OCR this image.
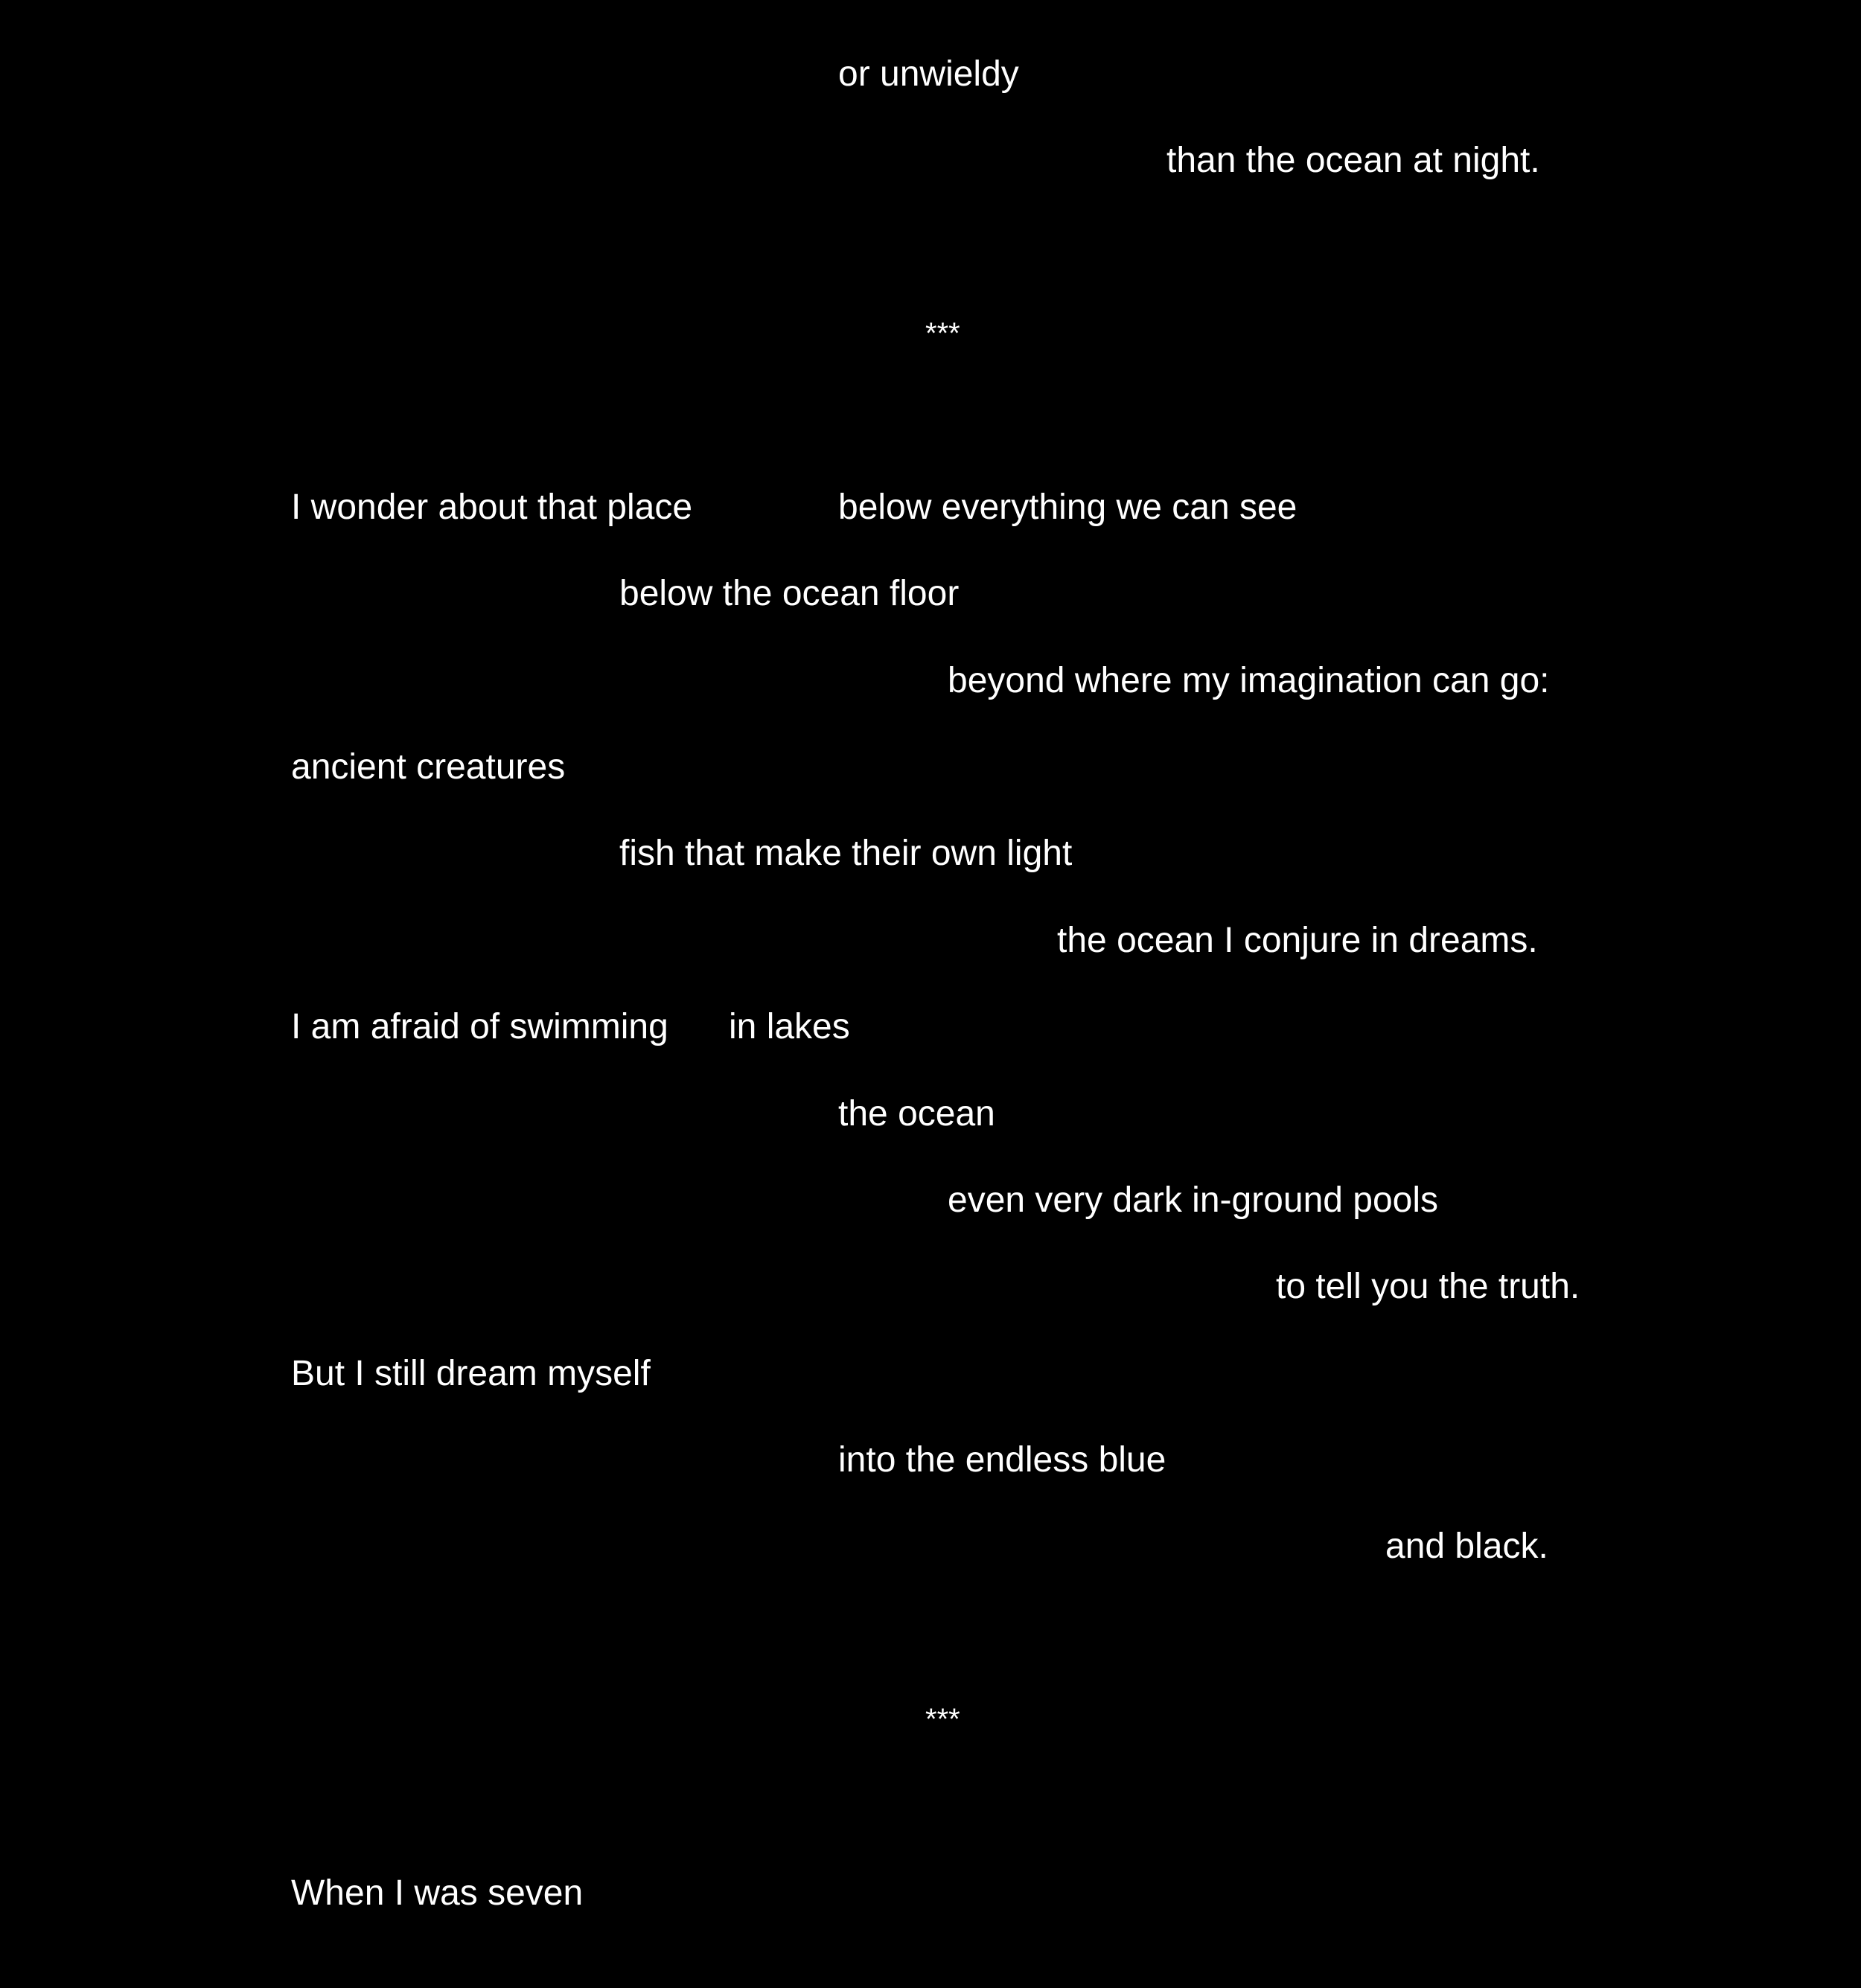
or unwieldy
than the ocean at night.
***
I wonder about that place	below everything we can see
below the ocean floor
beyond where my imagination can go:
ancient creatures
fish that make their own light
the ocean I conjure in dreams.
I am afraid of swimming in lakes
the ocean
even very dark in-ground pools
to tell you the truth.
But I still dream myself
into the endless blue
and black.
***
When I was seven
